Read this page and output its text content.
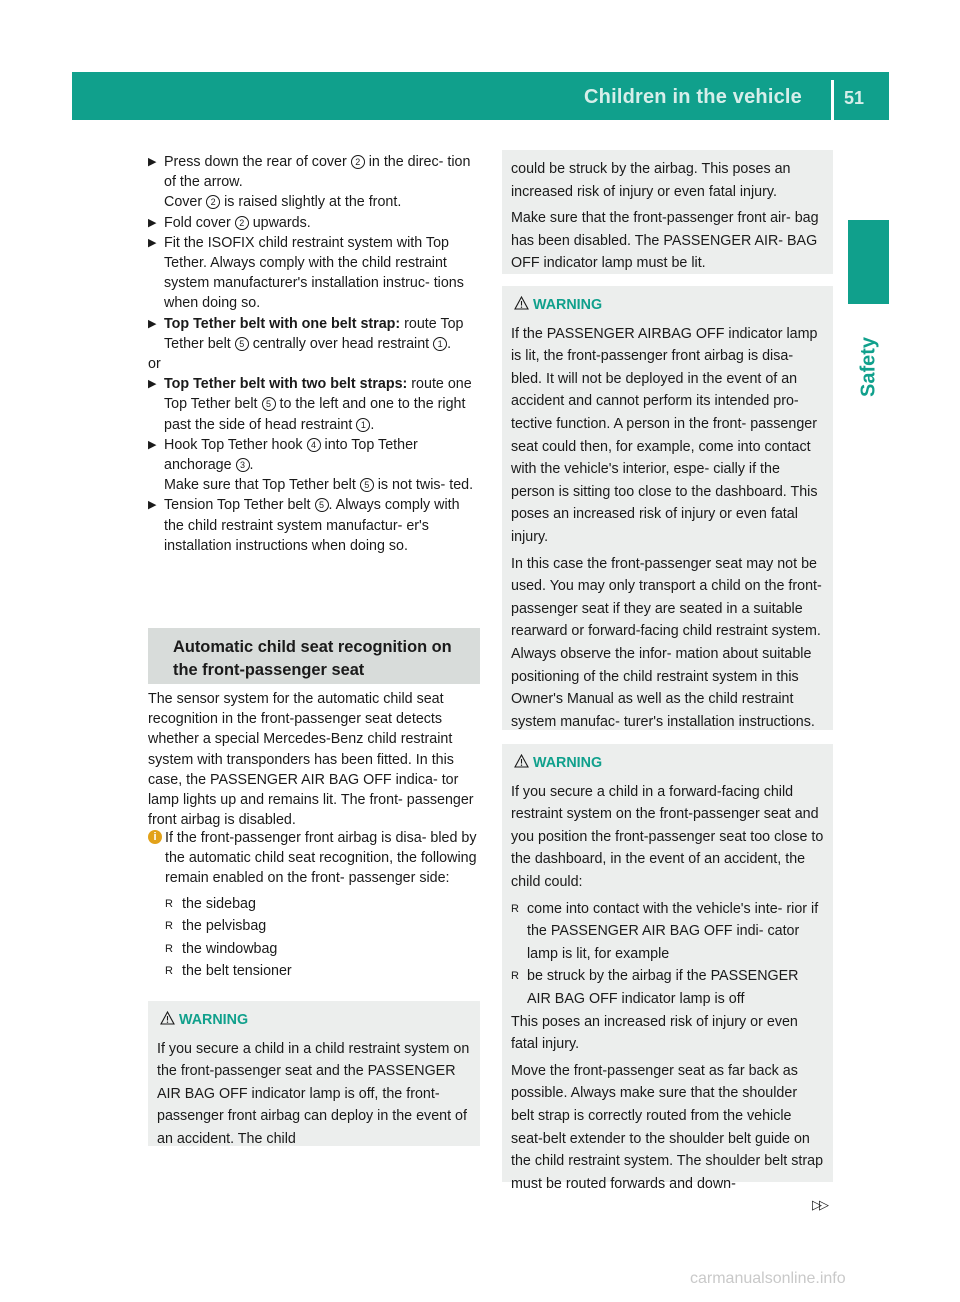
Children in the vehicle	51
Safety
▶ Press down the rear of cover 2 in the direc- tion of the arrow.
Cover 2 is raised slightly at the front.
▶ Fold cover 2 upwards.
▶ Fit the ISOFIX child restraint system with Top Tether. Always comply with the child restraint system manufacturer's installation instruc- tions when doing so.
▶ Top Tether belt with one belt strap: route Top Tether belt 5 centrally over head restraint 1 .
or
▶ Top Tether belt with two belt straps: route one Top Tether belt 5 to the left and one to the right past the side of head restraint 1 .
▶ Hook Top Tether hook 4 into Top Tether anchorage 3 .
Make sure that Top Tether belt 5 is not twis- ted.
▶ Tension Top Tether belt 5 . Always comply with the child restraint system manufactur- er's installation instructions when doing so.
Automatic child seat recognition on the front-passenger seat
The sensor system for the automatic child seat recognition in the front-passenger seat detects whether a special Mercedes-Benz child restraint system with transponders has been fitted. In this case, the PASSENGER AIR BAG OFF indica- tor lamp lights up and remains lit. The front- passenger front airbag is disabled.
i If the front-passenger front airbag is disa- bled by the automatic child seat recognition, the following remain enabled on the front- passenger side:
R the sidebag
R the pelvisbag
R the windowbag
R the belt tensioner
WARNING
If you secure a child in a child restraint system on the front-passenger seat and the PASSENGER AIR BAG OFF indicator lamp is off, the front-passenger front airbag can deploy in the event of an accident. The child
could be struck by the airbag. This poses an increased risk of injury or even fatal injury.
Make sure that the front-passenger front air- bag has been disabled. The PASSENGER AIR- BAG OFF indicator lamp must be lit.
WARNING
If the PASSENGER AIRBAG OFF indicator lamp is lit, the front-passenger front airbag is disa- bled. It will not be deployed in the event of an accident and cannot perform its intended pro- tective function. A person in the front- passenger seat could then, for example, come into contact with the vehicle's interior, espe- cially if the person is sitting too close to the dashboard. This poses an increased risk of injury or even fatal injury.
In this case the front-passenger seat may not be used. You may only transport a child on the front-passenger seat if they are seated in a suitable rearward or forward-facing child restraint system. Always observe the infor- mation about suitable positioning of the child restraint system in this Owner's Manual as well as the child restraint system manufac- turer's installation instructions.
WARNING
If you secure a child in a forward-facing child restraint system on the front-passenger seat and you position the front-passenger seat too close to the dashboard, in the event of an accident, the child could:
R come into contact with the vehicle's inte- rior if the PASSENGER AIR BAG OFF indi- cator lamp is lit, for example
R be struck by the airbag if the PASSENGER AIR BAG OFF indicator lamp is off
This poses an increased risk of injury or even fatal injury.
Move the front-passenger seat as far back as possible. Always make sure that the shoulder belt strap is correctly routed from the vehicle seat-belt extender to the shoulder belt guide on the child restraint system. The shoulder belt strap must be routed forwards and down-
▷▷
carmanualsonline.info
